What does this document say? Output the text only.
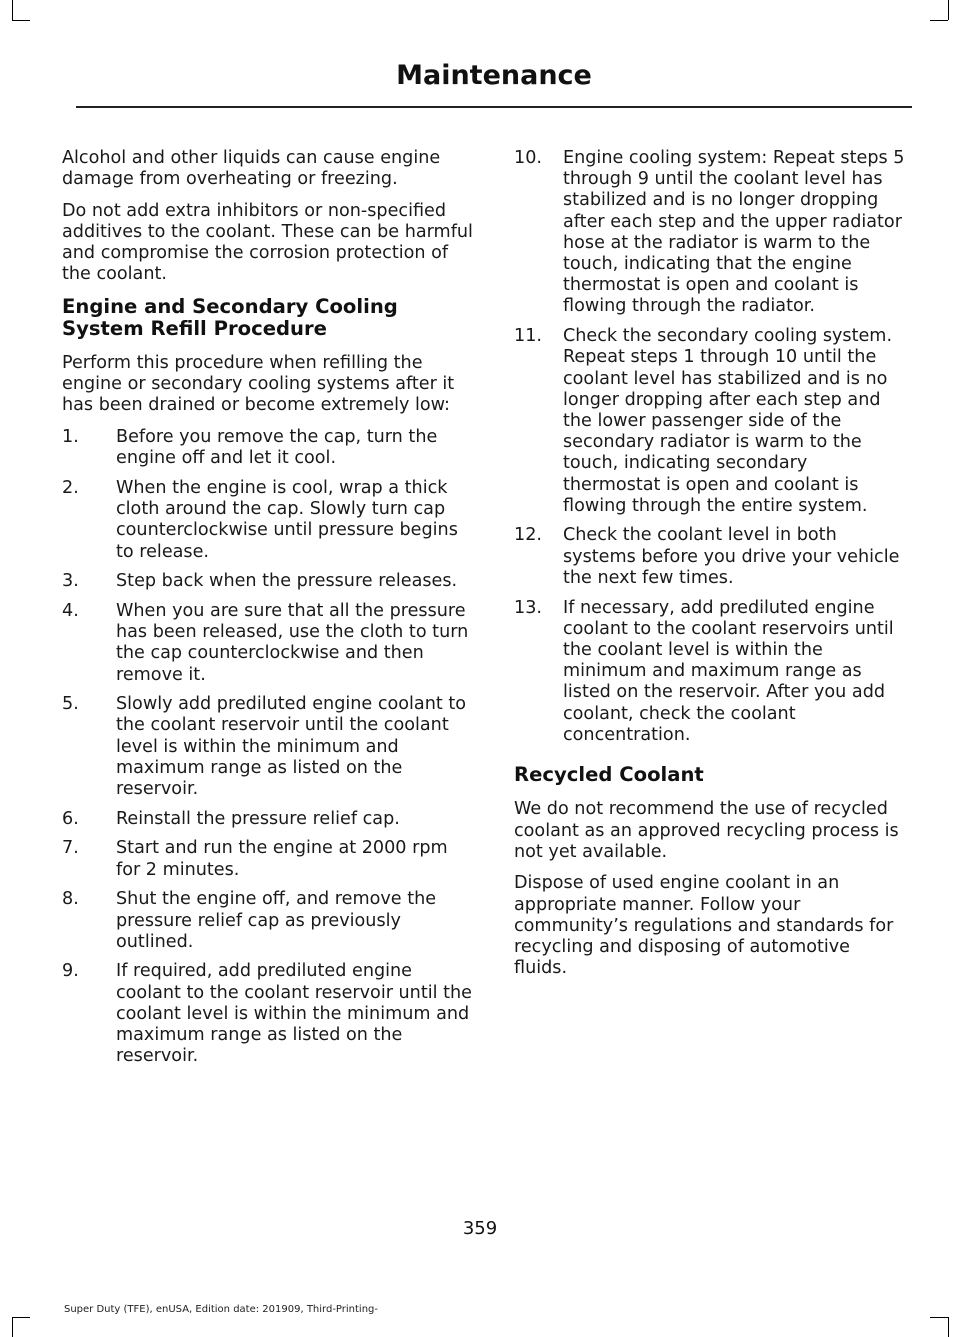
Maintenance

Alcohol and other liquids can cause engine damage from overheating or freezing.

Do not add extra inhibitors or non-specified additives to the coolant. These can be harmful and compromise the corrosion protection of the coolant.

Engine and Secondary Cooling System Refill Procedure

Perform this procedure when refilling the engine or secondary cooling systems after it has been drained or become extremely low:

1. Before you remove the cap, turn the engine off and let it cool.
2. When the engine is cool, wrap a thick cloth around the cap. Slowly turn cap counterclockwise until pressure begins to release.
3. Step back when the pressure releases.
4. When you are sure that all the pressure has been released, use the cloth to turn the cap counterclockwise and then remove it.
5. Slowly add prediluted engine coolant to the coolant reservoir until the coolant level is within the minimum and maximum range as listed on the reservoir.
6. Reinstall the pressure relief cap.
7. Start and run the engine at 2000 rpm for 2 minutes.
8. Shut the engine off, and remove the pressure relief cap as previously outlined.
9. If required, add prediluted engine coolant to the coolant reservoir until the coolant level is within the minimum and maximum range as listed on the reservoir.
10. Engine cooling system: Repeat steps 5 through 9 until the coolant level has stabilized and is no longer dropping after each step and the upper radiator hose at the radiator is warm to the touch, indicating that the engine thermostat is open and coolant is flowing through the radiator.
11. Check the secondary cooling system. Repeat steps 1 through 10 until the coolant level has stabilized and is no longer dropping after each step and the lower passenger side of the secondary radiator is warm to the touch, indicating secondary thermostat is open and coolant is flowing through the entire system.
12. Check the coolant level in both systems before you drive your vehicle the next few times.
13. If necessary, add prediluted engine coolant to the coolant reservoirs until the coolant level is within the minimum and maximum range as listed on the reservoir. After you add coolant, check the coolant concentration.
Recycled Coolant

We do not recommend the use of recycled coolant as an approved recycling process is not yet available.

Dispose of used engine coolant in an appropriate manner. Follow your community’s regulations and standards for recycling and disposing of automotive fluids.

359
Super Duty (TFE), enUSA, Edition date: 201909, Third-Printing-
